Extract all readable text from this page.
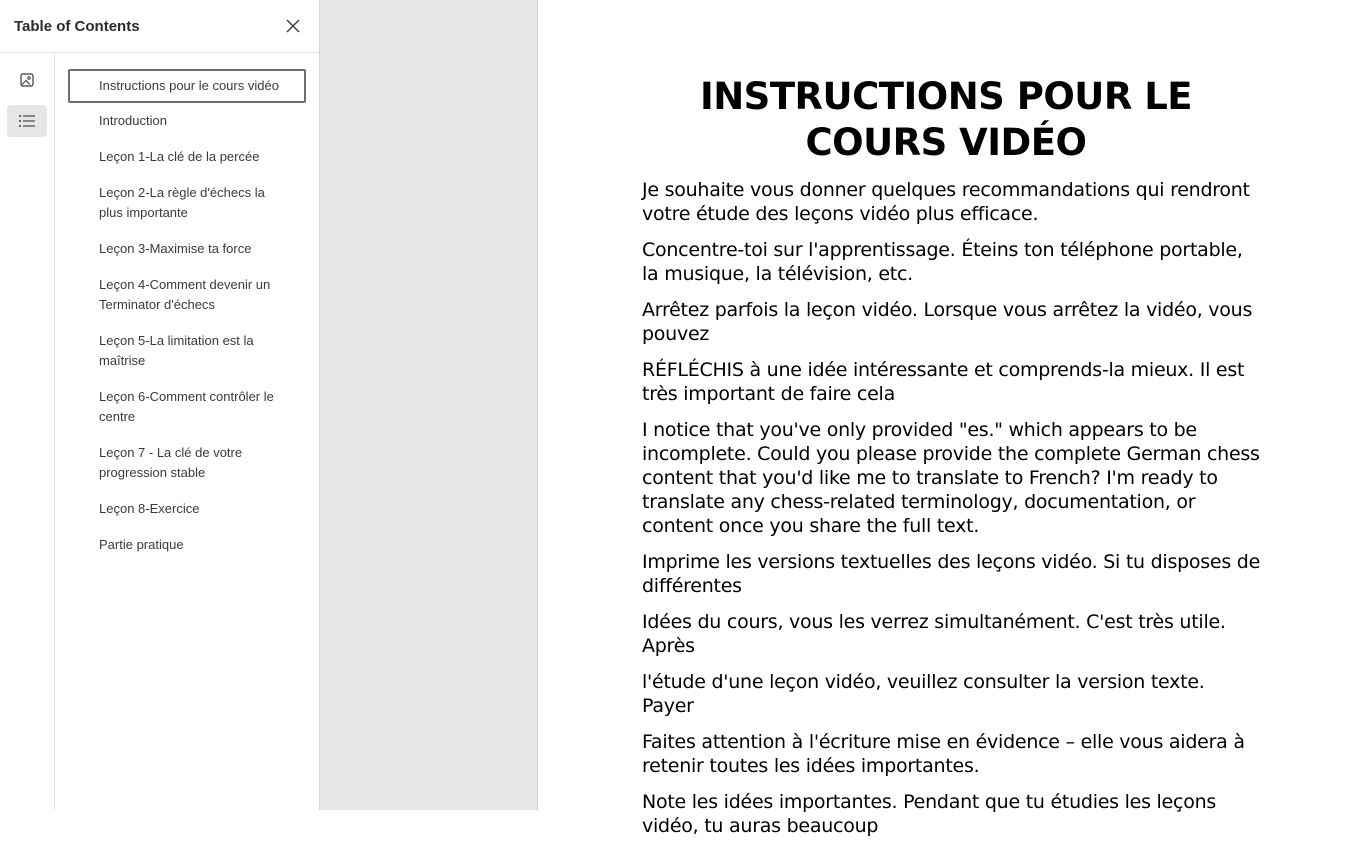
Table of Contents
Instructions pour le cours vidéo
Introduction
Leçon 1-La clé de la percée
Leçon 2-La règle d'échecs la plus importante
Leçon 3-Maximise ta force
Leçon 4-Comment devenir un Terminator d'échecs
Leçon 5-La limitation est la maîtrise
Leçon 6-Comment contrôler le centre
Leçon 7 - La clé de votre progression stable
Leçon 8-Exercice
Partie pratique
INSTRUCTIONS POUR LE
COURS VIDÉO

Je souhaite vous donner quelques recommandations qui rendront votre étude des leçons vidéo plus efficace.

Concentre-toi sur l'apprentissage. Éteins ton téléphone portable, la musique, la télévision, etc.

Arrêtez parfois la leçon vidéo. Lorsque vous arrêtez la vidéo, vous pouvez

RÉFLÉCHIS à une idée intéressante et comprends-la mieux. Il est très important de faire cela

I notice that you've only provided "es." which appears to be incomplete. Could you please provide the complete German chess content that you'd like me to translate to French? I'm ready to translate any chess-related terminology, documentation, or content once you share the full text.

Imprime les versions textuelles des leçons vidéo. Si tu disposes de différentes

Idées du cours, vous les verrez simultanément. C'est très utile. Après

l'étude d'une leçon vidéo, veuillez consulter la version texte. Payer

Faites attention à l'écriture mise en évidence – elle vous aidera à retenir toutes les idées importantes.

Note les idées importantes. Pendant que tu étudies les leçons vidéo, tu auras beaucoup
